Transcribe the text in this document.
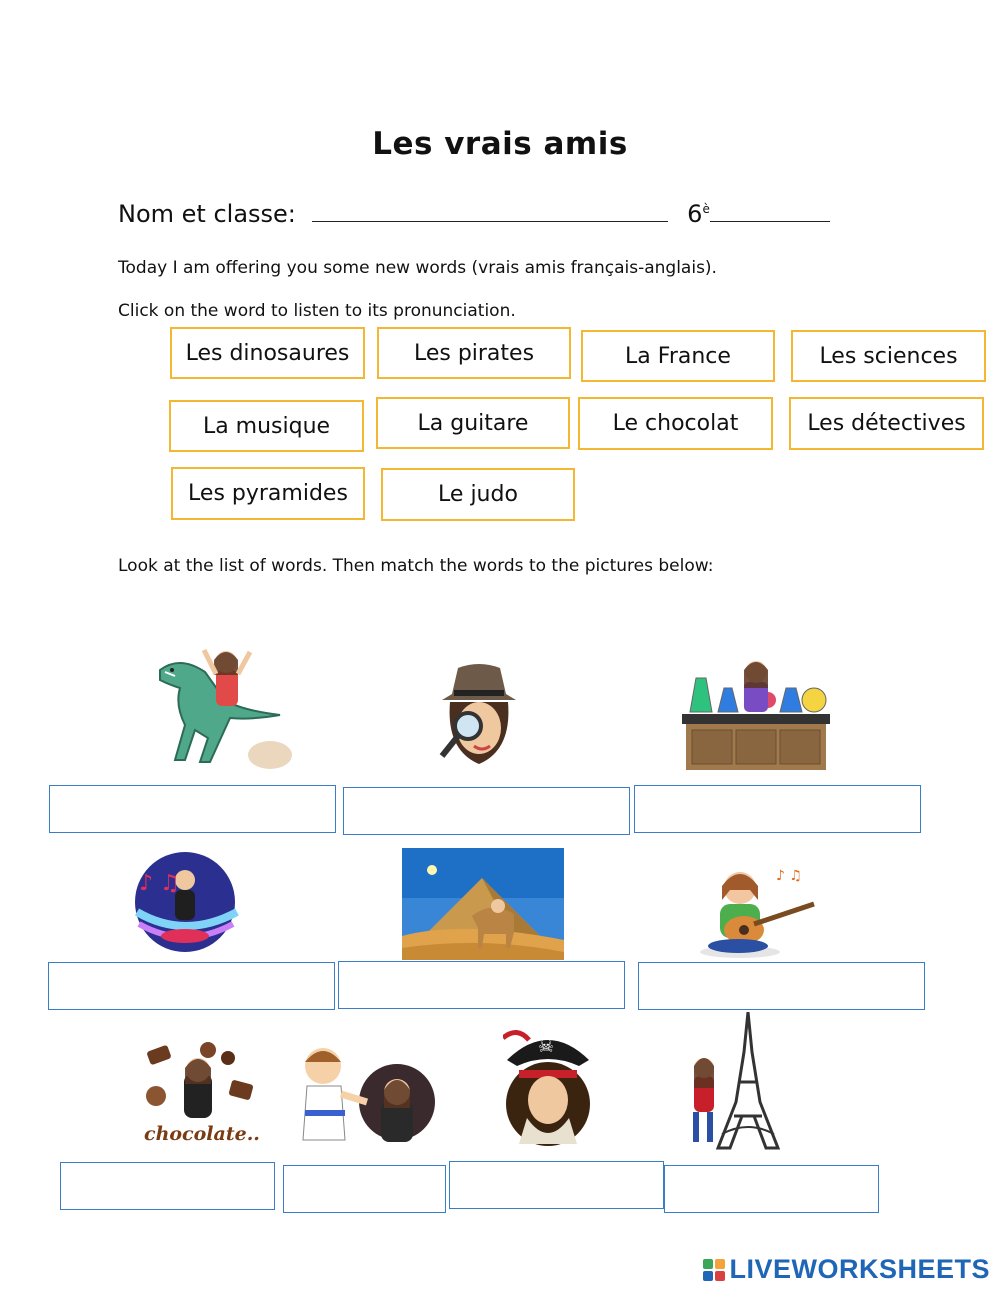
Les vrais amis
Nom et classe:	$6^è$
Today I am offering you some new words (vrais amis français-anglais).
Click on the word to listen to its pronunciation.
Les dinosaures	Les pirates	La France	Les sciences
La musique	La guitare	Le chocolat	Les détectives
Les pyramides	Le judo
Look at the list of words. Then match the words to the pictures below:
♪ ♫	♪ ♫
chocolate..
☠
LIVEWORKSHEETS
